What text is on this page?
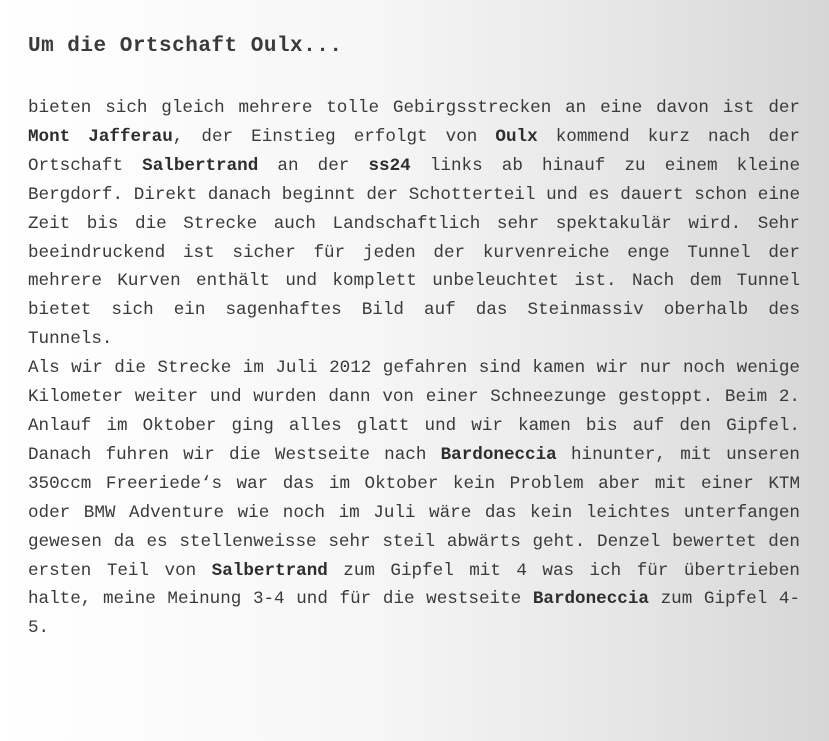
Um die Ortschaft Oulx...

bieten sich gleich mehrere tolle Gebirgsstrecken an eine davon ist der Mont Jafferau, der Einstieg erfolgt von Oulx kommend kurz nach der Ortschaft Salbertrand an der ss24 links ab hinauf zu einem kleine Bergdorf. Direkt danach beginnt der Schotterteil und es dauert schon eine Zeit bis die Strecke auch Landschaftlich sehr spektakulär wird. Sehr beeindruckend ist sicher für jeden der kurvenreiche enge Tunnel der mehrere Kurven enthält und komplett unbeleuchtet ist. Nach dem Tunnel bietet sich ein sagenhaftes Bild auf das Steinmassiv oberhalb des Tunnels.

Als wir die Strecke im Juli 2012 gefahren sind kamen wir nur noch wenige Kilometer weiter und wurden dann von einer Schneezunge gestoppt. Beim 2. Anlauf im Oktober ging alles glatt und wir kamen bis auf den Gipfel. Danach fuhren wir die Westseite nach Bardoneccia hinunter, mit unseren 350ccm Freeriede‘s war das im Oktober kein Problem aber mit einer KTM oder BMW Adventure wie noch im Juli wäre das kein leichtes unterfangen gewesen da es stellenweisse sehr steil abwärts geht. Denzel bewertet den ersten Teil von Salbertrand zum Gipfel mit 4 was ich für übertrieben halte, meine Meinung 3-4 und für die westseite Bardoneccia zum Gipfel 4-5.
